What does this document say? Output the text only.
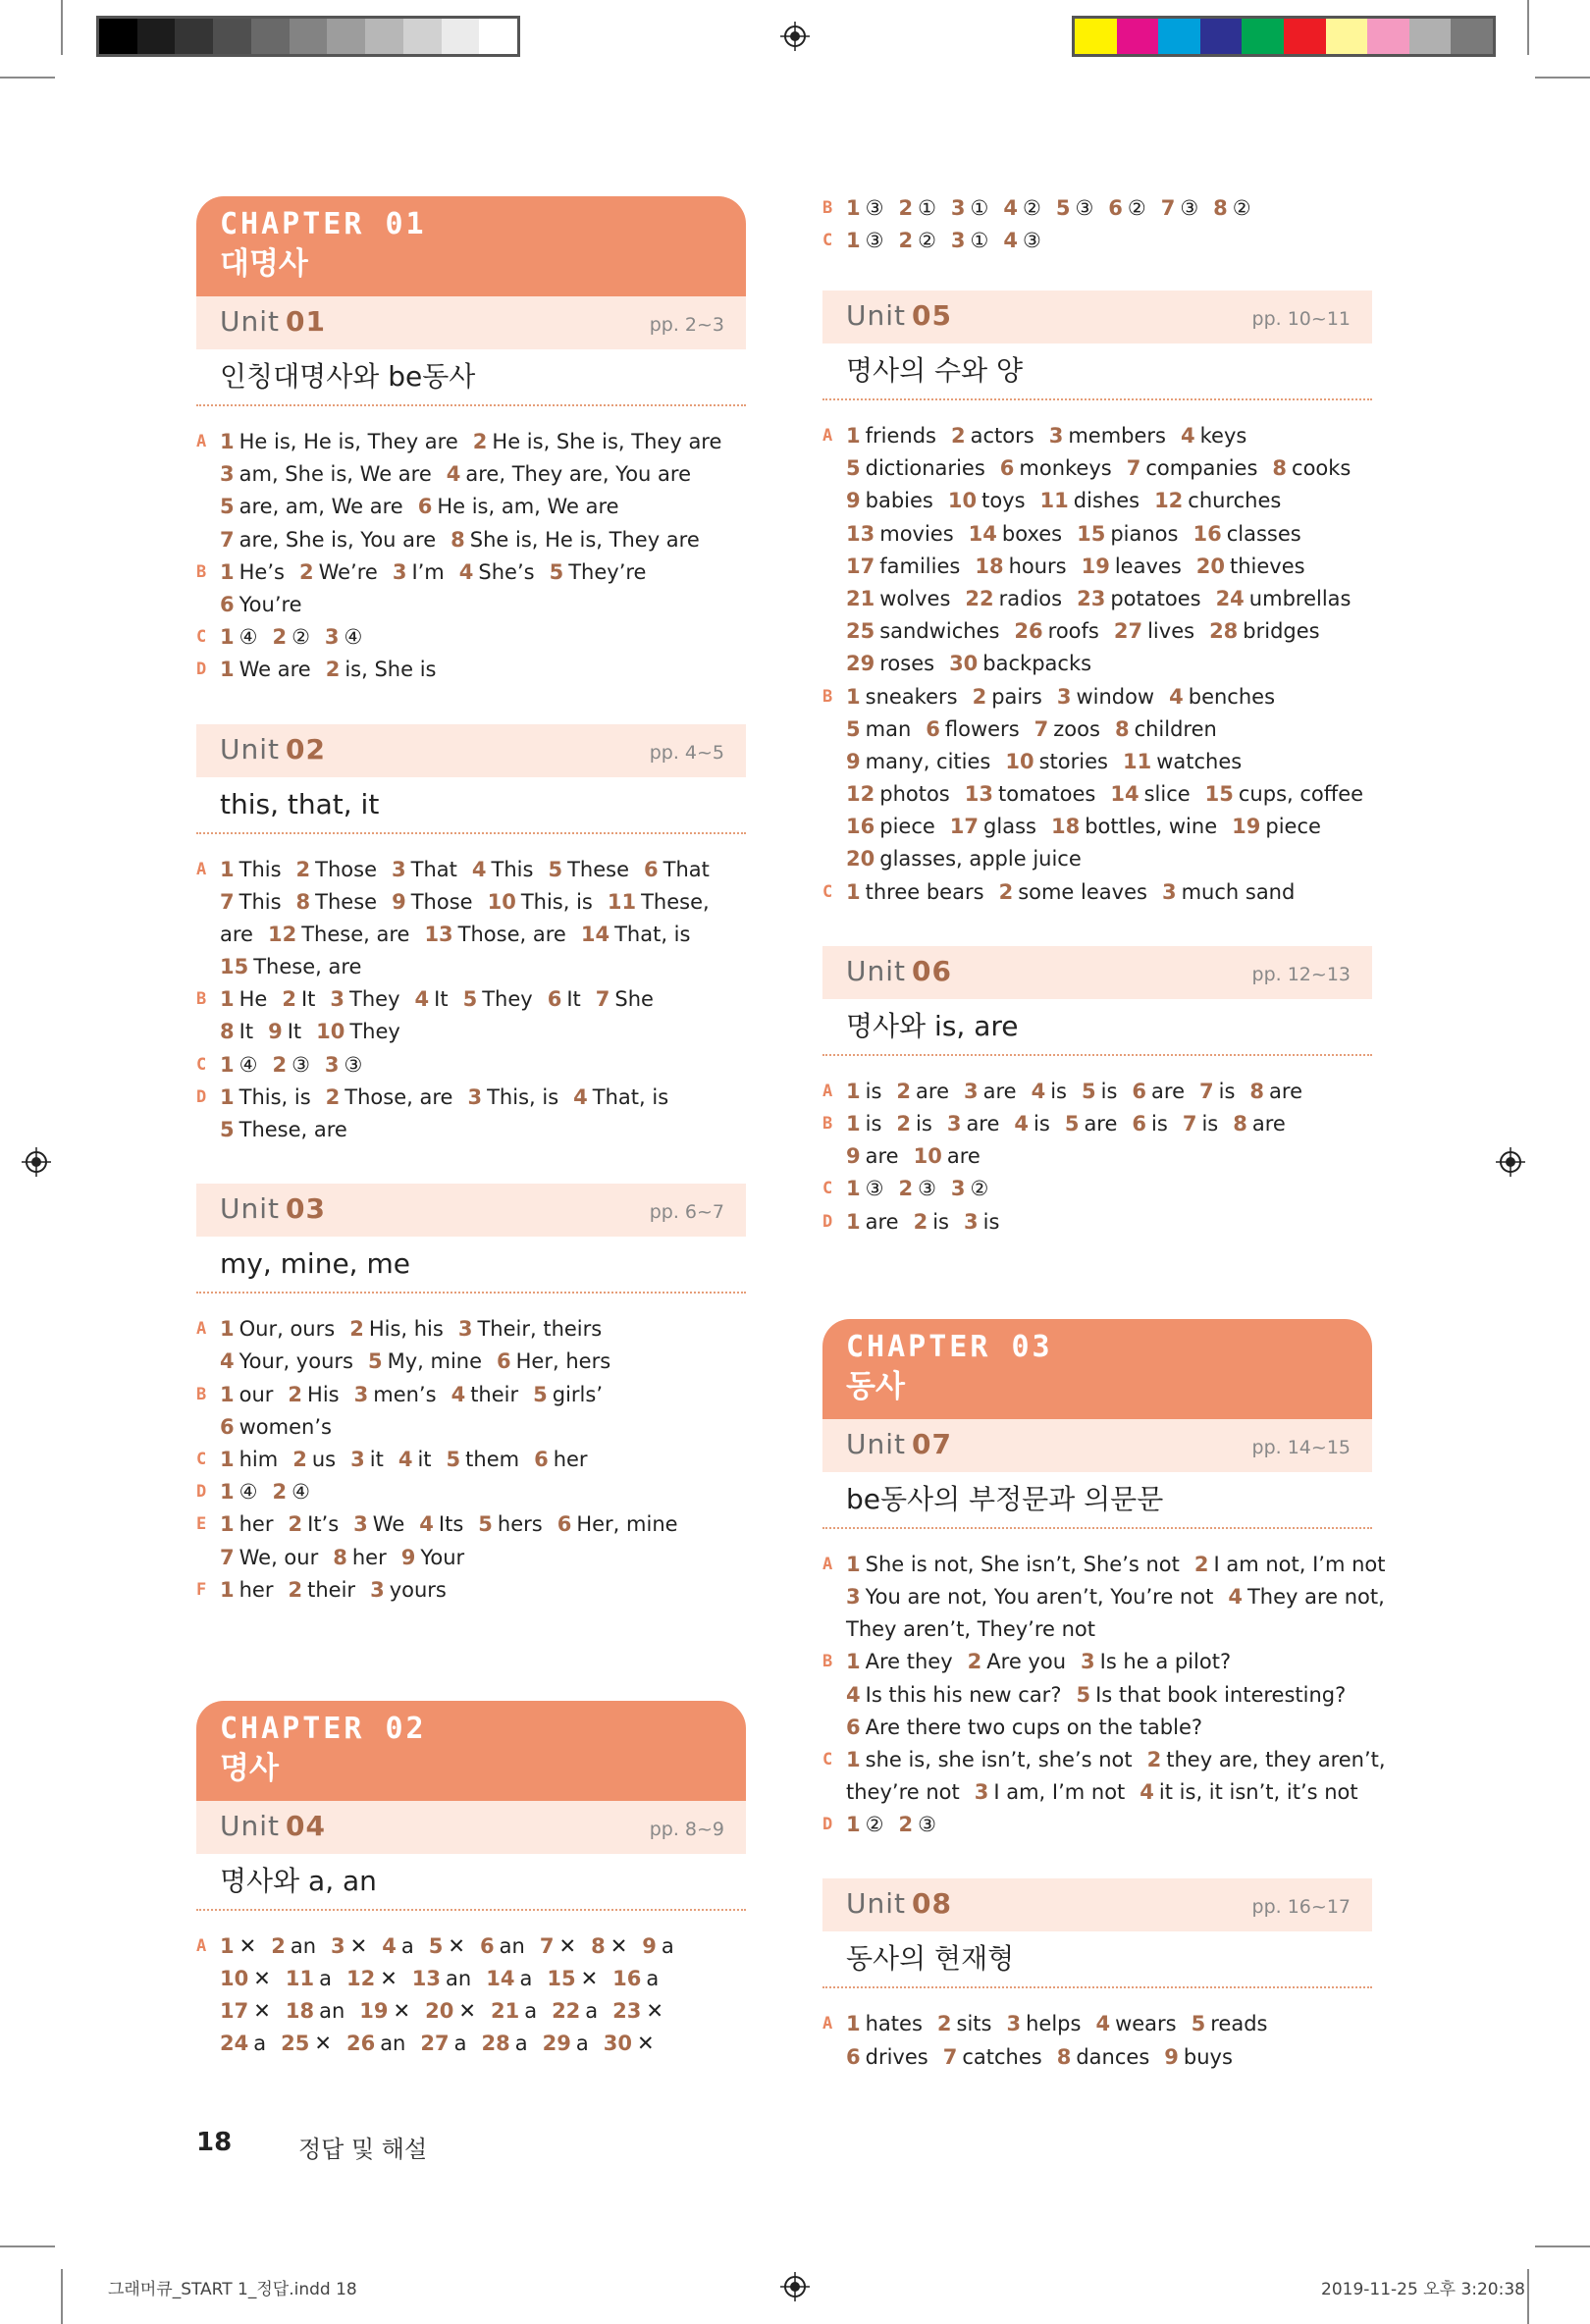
CHAPTER 01
대명사
Unit 01	pp. 2~3
인칭대명사와 be동사
A 1 He is, He is, They are 2 He is, She is, They are
3 am, She is, We are 4 are, They are, You are
5 are, am, We are 6 He is, am, We are
7 are, She is, You are 8 She is, He is, They are
B 1 He’s 2 We’re 3 I’m 4 She’s 5 They’re
6 You’re
C 1 ④ 2 ② 3 ④
D 1 We are 2 is, She is
Unit 02	pp. 4~5
this, that, it
A 1 This 2 Those 3 That 4 This 5 These 6 That
7 This 8 These 9 Those 10 This, is 11 These,
are 12 These, are 13 Those, are 14 That, is
15 These, are
B 1 He 2 It 3 They 4 It 5 They 6 It 7 She
8 It 9 It 10 They
C 1 ④ 2 ③ 3 ③
D 1 This, is 2 Those, are 3 This, is 4 That, is
5 These, are
Unit 03	pp. 6~7
my, mine, me
A 1 Our, ours 2 His, his 3 Their, theirs
4 Your, yours 5 My, mine 6 Her, hers
B 1 our 2 His 3 men’s 4 their 5 girls’
6 women’s
C 1 him 2 us 3 it 4 it 5 them 6 her
D 1 ④ 2 ④
E 1 her 2 It’s 3 We 4 Its 5 hers 6 Her, mine
7 We, our 8 her 9 Your
F 1 her 2 their 3 yours
CHAPTER 02
명사
Unit 04	pp. 8~9
명사와 a, an
A 1 ✕ 2 an 3 ✕ 4 a 5 ✕ 6 an 7 ✕ 8 ✕ 9 a
10 ✕ 11 a 12 ✕ 13 an 14 a 15 ✕ 16 a
17 ✕ 18 an 19 ✕ 20 ✕ 21 a 22 a 23 ✕
24 a 25 ✕ 26 an 27 a 28 a 29 a 30 ✕
B 1 ③ 2 ① 3 ① 4 ② 5 ③ 6 ② 7 ③ 8 ②
C 1 ③ 2 ② 3 ① 4 ③
Unit 05	pp. 10~11
명사의 수와 양
A 1 friends 2 actors 3 members 4 keys
5 dictionaries 6 monkeys 7 companies 8 cooks
9 babies 10 toys 11 dishes 12 churches
13 movies 14 boxes 15 pianos 16 classes
17 families 18 hours 19 leaves 20 thieves
21 wolves 22 radios 23 potatoes 24 umbrellas
25 sandwiches 26 roofs 27 lives 28 bridges
29 roses 30 backpacks
B 1 sneakers 2 pairs 3 window 4 benches
5 man 6 flowers 7 zoos 8 children
9 many, cities 10 stories 11 watches
12 photos 13 tomatoes 14 slice 15 cups, coffee
16 piece 17 glass 18 bottles, wine 19 piece
20 glasses, apple juice
C 1 three bears 2 some leaves 3 much sand
Unit 06	pp. 12~13
명사와 is, are
A 1 is 2 are 3 are 4 is 5 is 6 are 7 is 8 are
B 1 is 2 is 3 are 4 is 5 are 6 is 7 is 8 are
9 are 10 are
C 1 ③ 2 ③ 3 ②
D 1 are 2 is 3 is
CHAPTER 03
동사
Unit 07	pp. 14~15
be동사의 부정문과 의문문
A 1 She is not, She isn’t, She’s not 2 I am not, I’m not
3 You are not, You aren’t, You’re not 4 They are not,
They aren’t, They’re not
B 1 Are they 2 Are you 3 Is he a pilot?
4 Is this his new car? 5 Is that book interesting?
6 Are there two cups on the table?
C 1 she is, she isn’t, she’s not 2 they are, they aren’t,
they’re not 3 I am, I’m not 4 it is, it isn’t, it’s not
D 1 ② 2 ③
Unit 08	pp. 16~17
동사의 현재형
A 1 hates 2 sits 3 helps 4 wears 5 reads
6 drives 7 catches 8 dances 9 buys
18	정답 및 해설
그래머큐_START 1_정답.indd 18	2019-11-25 오후 3:20:38
